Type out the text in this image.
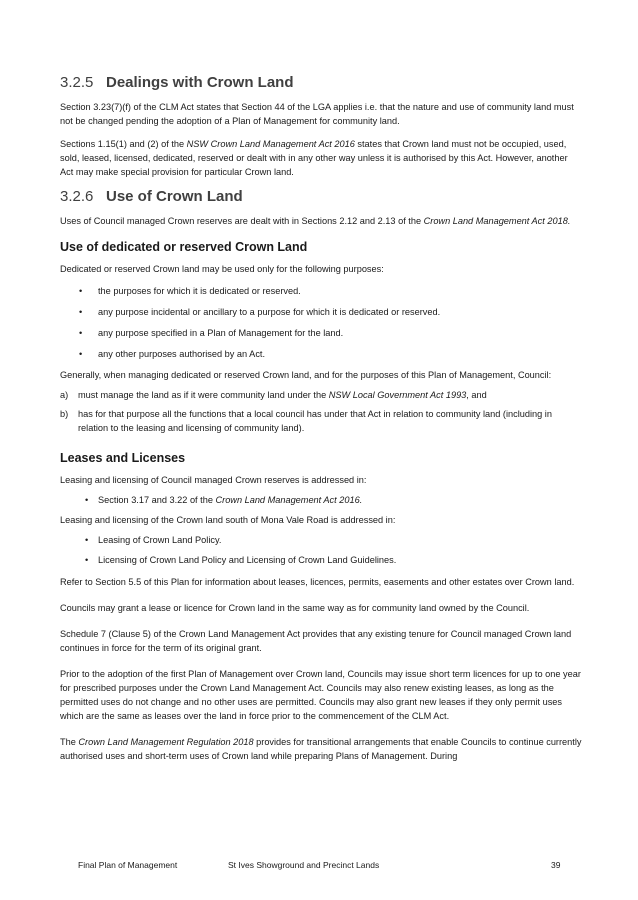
3.2.5 Dealings with Crown Land

Section 3.23(7)(f) of the CLM Act states that Section 44 of the LGA applies i.e. that the nature and use of community land must not be changed pending the adoption of a Plan of Management for community land.

Sections 1.15(1) and (2) of the NSW Crown Land Management Act 2016 states that Crown land must not be occupied, used, sold, leased, licensed, dedicated, reserved or dealt with in any other way unless it is authorised by this Act. However, another Act may make special provision for particular Crown land.

3.2.6 Use of Crown Land

Uses of Council managed Crown reserves are dealt with in Sections 2.12 and 2.13 of the Crown Land Management Act 2018.

Use of dedicated or reserved Crown Land

Dedicated or reserved Crown land may be used only for the following purposes:

• the purposes for which it is dedicated or reserved.
• any purpose incidental or ancillary to a purpose for which it is dedicated or reserved.
• any purpose specified in a Plan of Management for the land.
• any other purposes authorised by an Act.

Generally, when managing dedicated or reserved Crown land, and for the purposes of this Plan of Management, Council:

a) must manage the land as if it were community land under the NSW Local Government Act 1993, and
b) has for that purpose all the functions that a local council has under that Act in relation to community land (including in relation to the leasing and licensing of community land).
Leases and Licenses

Leasing and licensing of Council managed Crown reserves is addressed in:

• Section 3.17 and 3.22 of the Crown Land Management Act 2016.

Leasing and licensing of the Crown land south of Mona Vale Road is addressed in:

• Leasing of Crown Land Policy.
• Licensing of Crown Land Policy and Licensing of Crown Land Guidelines.

Refer to Section 5.5 of this Plan for information about leases, licences, permits, easements and other estates over Crown land.

Councils may grant a lease or licence for Crown land in the same way as for community land owned by the Council.

Schedule 7 (Clause 5) of the Crown Land Management Act provides that any existing tenure for Council managed Crown land continues in force for the term of its original grant.

Prior to the adoption of the first Plan of Management over Crown land, Councils may issue short term licences for up to one year for prescribed purposes under the Crown Land Management Act. Councils may also renew existing leases, as long as the permitted uses do not change and no other uses are permitted. Councils may also grant new leases if they only permit uses which are the same as leases over the land in force prior to the commencement of the CLM Act.

The Crown Land Management Regulation 2018 provides for transitional arrangements that enable Councils to continue currently authorised uses and short-term uses of Crown land while preparing Plans of Management. During

Final Plan of Management	St Ives Showground and Precinct Lands	39
